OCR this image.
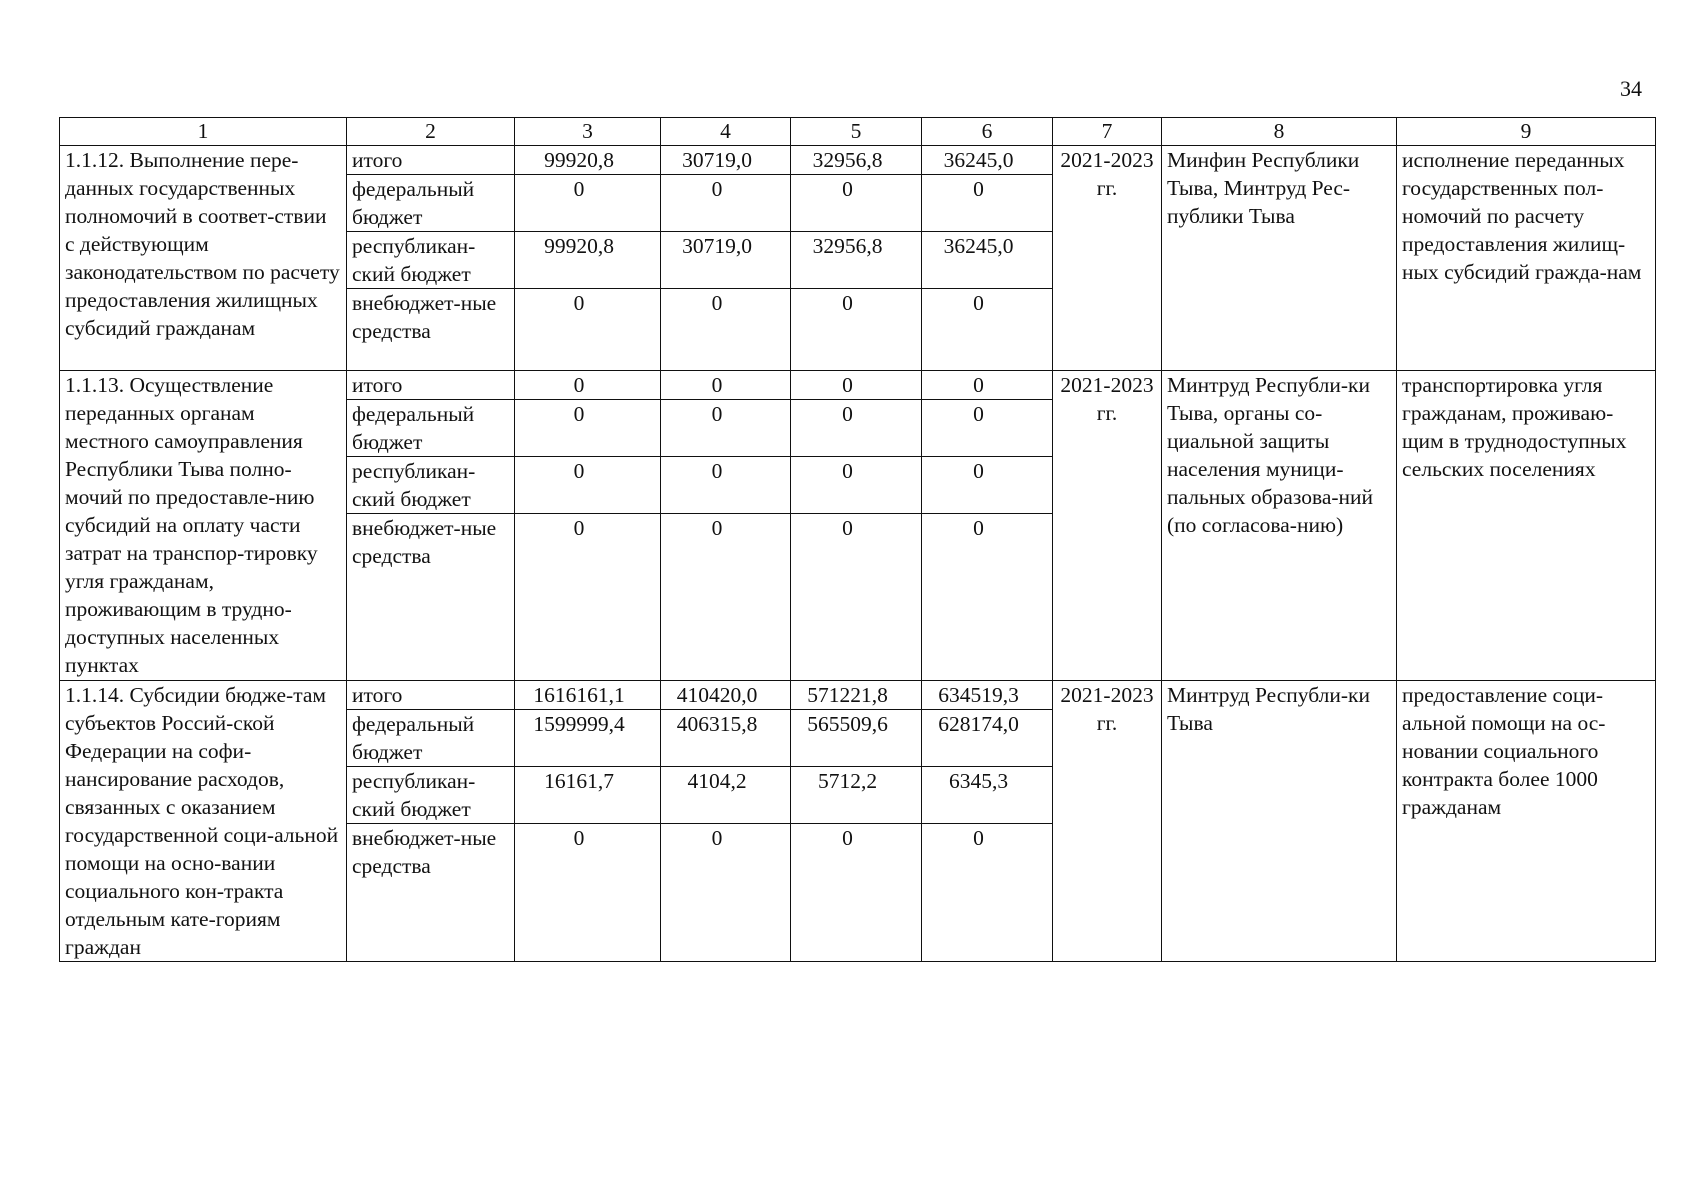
34
1	2	3	4	5	6	7	8	9
1.1.12. Выполнение пере-данных государственных полномочий в соответ-ствии с действующим законодательством по расчету предоставления жилищных субсидий гражданам	итого	99920,8	30719,0	32956,8	36245,0	2021-2023 гг.	Минфин Республики Тыва, Минтруд Рес-публики Тыва	исполнение переданных государственных пол-номочий по расчету предоставления жилищ-ных субсидий гражда-нам
	федеральный бюджет	0	0	0	0			
	республикан-ский бюджет	99920,8	30719,0	32956,8	36245,0			
	внебюджет-ные средства	0	0	0	0			
1.1.13. Осуществление переданных органам местного самоуправления Республики Тыва полно-мочий по предоставле-нию субсидий на оплату части затрат на транспор-тировку угля гражданам, проживающим в трудно-доступных населенных пунктах	итого	0	0	0	0	2021-2023 гг.	Минтруд Республи-ки Тыва, органы со-циальной защиты населения муници-пальных образова-ний (по согласова-нию)	транспортировка угля гражданам, проживаю-щим в труднодоступных сельских поселениях
	федеральный бюджет	0	0	0	0			
	республикан-ский бюджет	0	0	0	0			
	внебюджет-ные средства	0	0	0	0			
1.1.14. Субсидии бюдже-там субъектов Россий-ской Федерации на софи-нансирование расходов, связанных с оказанием государственной соци-альной помощи на осно-вании социального кон-тракта отдельным кате-гориям граждан	итого	1616161,1	410420,0	571221,8	634519,3	2021-2023 гг.	Минтруд Республи-ки Тыва	предоставление соци-альной помощи на ос-новании социального контракта более 1000 гражданам
	федеральный бюджет	1599999,4	406315,8	565509,6	628174,0			
	республикан-ский бюджет	16161,7	4104,2	5712,2	6345,3			
	внебюджет-ные средства	0	0	0	0			
